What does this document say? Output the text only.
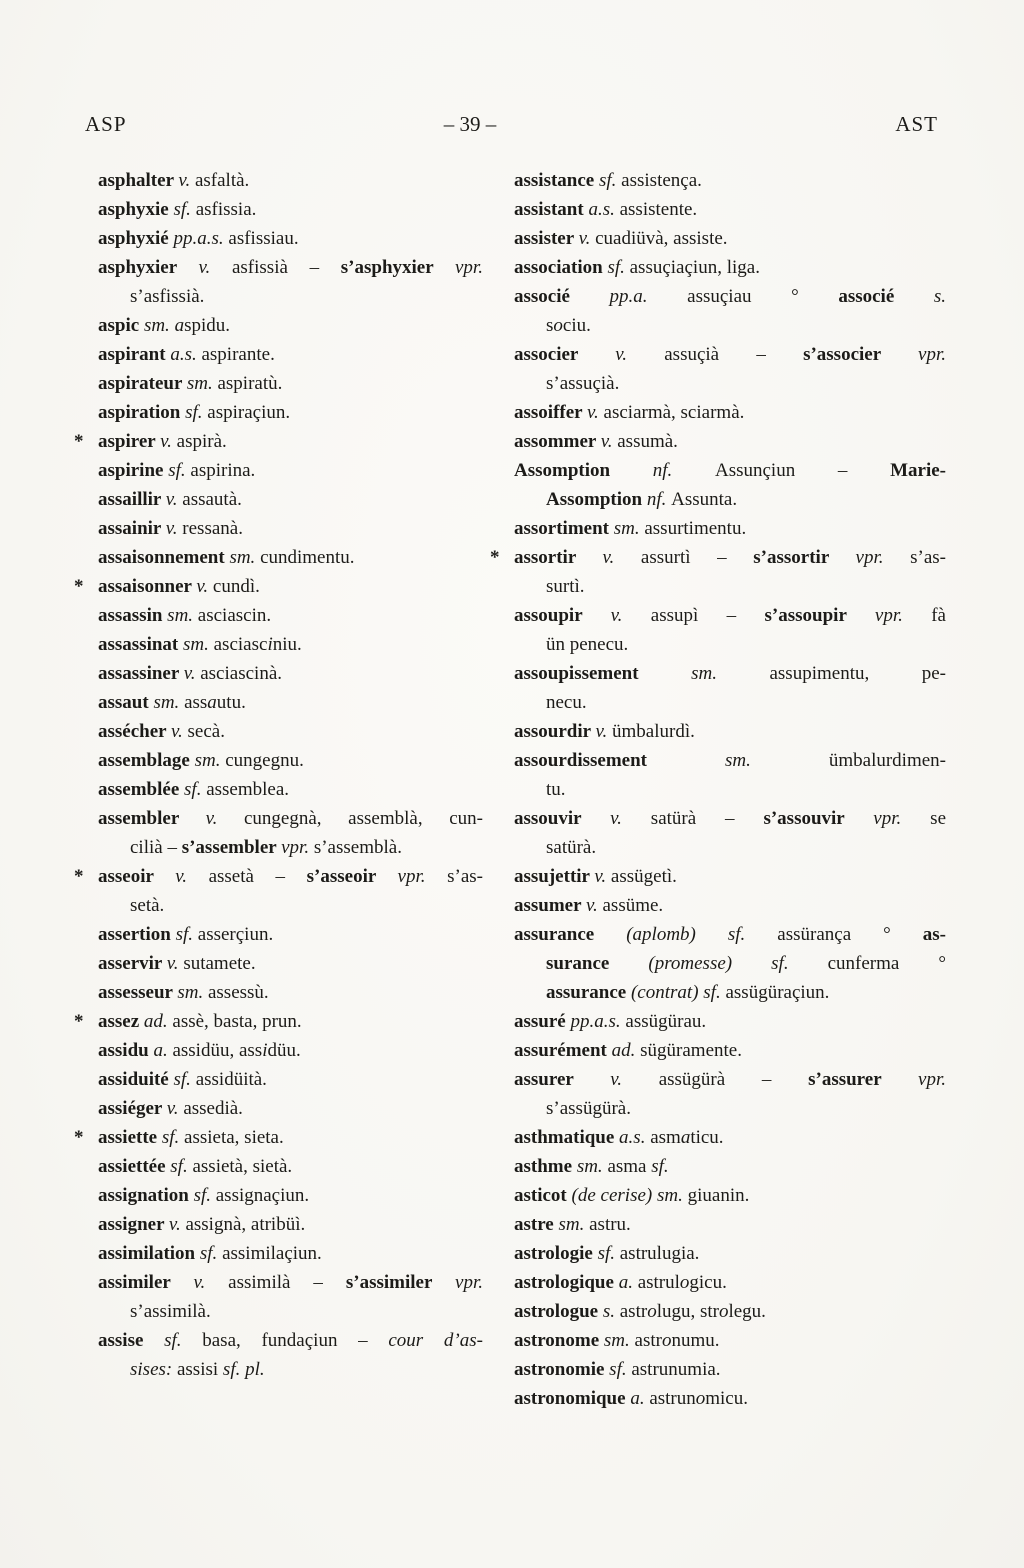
ASP	– 39 –	AST
asphalter v. asfaltà.
asphyxie sf. asfissia.
asphyxié pp.a.s. asfissiau.
asphyxier v. asfissià – s’asphyxier vpr.
s’asfissià.
aspic sm. aspidu.
aspirant a.s. aspirante.
aspirateur sm. aspiratù.
aspiration sf. aspiraçiun.
* aspirer v. aspirà.
aspirine sf. aspirina.
assaillir v. assautà.
assainir v. ressanà.
assaisonnement sm. cundimentu.
* assaisonner v. cundì.
assassin sm. asciascin.
assassinat sm. asciasciniu.
assassiner v. asciascinà.
assaut sm. assautu.
assécher v. secà.
assemblage sm. cungegnu.
assemblée sf. assemblea.
assembler v. cungegnà, assemblà, cun-
cilià – s’assembler vpr. s’assemblà.
* asseoir v. assetà – s’asseoir vpr. s’as-
setà.
assertion sf. asserçiun.
asservir v. sutamete.
assesseur sm. assessù.
* assez ad. assè, basta, prun.
assidu a. assidüu, assidüu.
assiduité sf. assidüità.
assiéger v. assedià.
* assiette sf. assieta, sieta.
assiettée sf. assietà, sietà.
assignation sf. assignaçiun.
assigner v. assignà, atribüì.
assimilation sf. assimilaçiun.
assimiler v. assimilà – s’assimiler vpr.
s’assimilà.
assise sf. basa, fundaçiun – cour d’as-
sises: assisi sf. pl.
assistance sf. assistença.
assistant a.s. assistente.
assister v. cuadiüvà, assiste.
association sf. assuçiaçiun, liga.
associé pp.a. assuçiau ° associé s.
sociu.
associer v. assuçià – s’associer vpr.
s’assuçià.
assoiffer v. asciarmà, sciarmà.
assommer v. assumà.
Assomption nf. Assunçiun – Marie-
Assomption nf. Assunta.
assortiment sm. assurtimentu.
* assortir v. assurtì – s’assortir vpr. s’as-
surtì.
assoupir v. assupì – s’assoupir vpr. fà
ün penecu.
assoupissement sm. assupimentu, pe-
necu.
assourdir v. ümbalurdì.
assourdissement sm. ümbalurdimen-
tu.
assouvir v. satürà – s’assouvir vpr. se
satürà.
assujettir v. assügetì.
assumer v. assüme.
assurance (aplomb) sf. assürança ° as-
surance (promesse) sf. cunferma °
assurance (contrat) sf. assügüraçiun.
assuré pp.a.s. assügürau.
assurément ad. sügüramente.
assurer v. assügürà – s’assurer vpr.
s’assügürà.
asthmatique a.s. asmaticu.
asthme sm. asma sf.
asticot (de cerise) sm. giuanin.
astre sm. astru.
astrologie sf. astrulugia.
astrologique a. astrulogicu.
astrologue s. astrolugu, strolegu.
astronome sm. astronumu.
astronomie sf. astrunumia.
astronomique a. astrunomicu.
